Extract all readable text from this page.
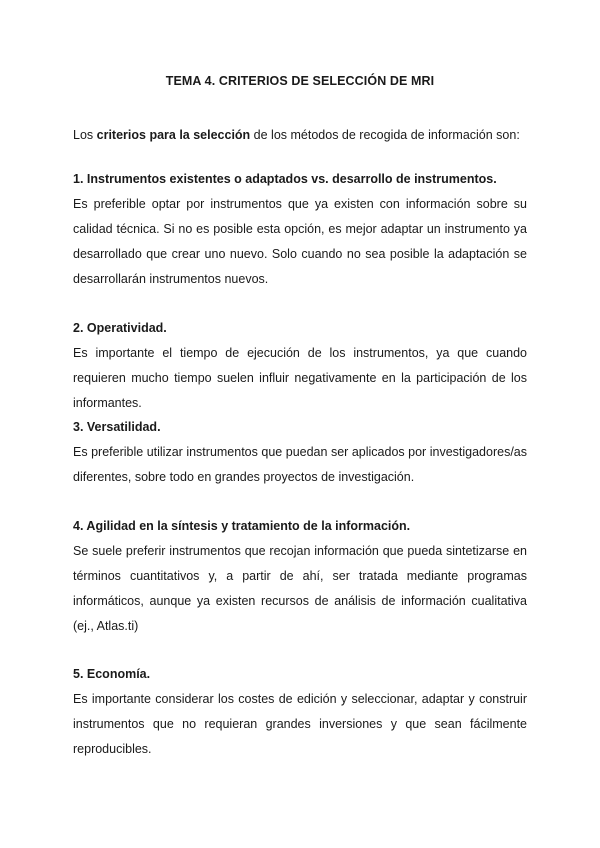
TEMA 4. CRITERIOS DE SELECCIÓN DE MRI
Los criterios para la selección de los métodos de recogida de información son:
1. Instrumentos existentes o adaptados vs. desarrollo de instrumentos.

Es preferible optar por instrumentos que ya existen con información sobre su calidad técnica. Si no es posible esta opción, es mejor adaptar un instrumento ya desarrollado que crear uno nuevo. Solo cuando no sea posible la adaptación se desarrollarán instrumentos nuevos.

2. Operatividad.

Es importante el tiempo de ejecución de los instrumentos, ya que cuando requieren mucho tiempo suelen influir negativamente en la participación de los informantes.

3. Versatilidad.

Es preferible utilizar instrumentos que puedan ser aplicados por investigadores/as diferentes, sobre todo en grandes proyectos de investigación.

4. Agilidad en la síntesis y tratamiento de la información.

Se suele preferir instrumentos que recojan información que pueda sintetizarse en términos cuantitativos y, a partir de ahí, ser tratada mediante programas informáticos, aunque ya existen recursos de análisis de información cualitativa (ej., Atlas.ti)

5. Economía.

Es importante considerar los costes de edición y seleccionar, adaptar y construir instrumentos que no requieran grandes inversiones y que sean fácilmente reproducibles.
